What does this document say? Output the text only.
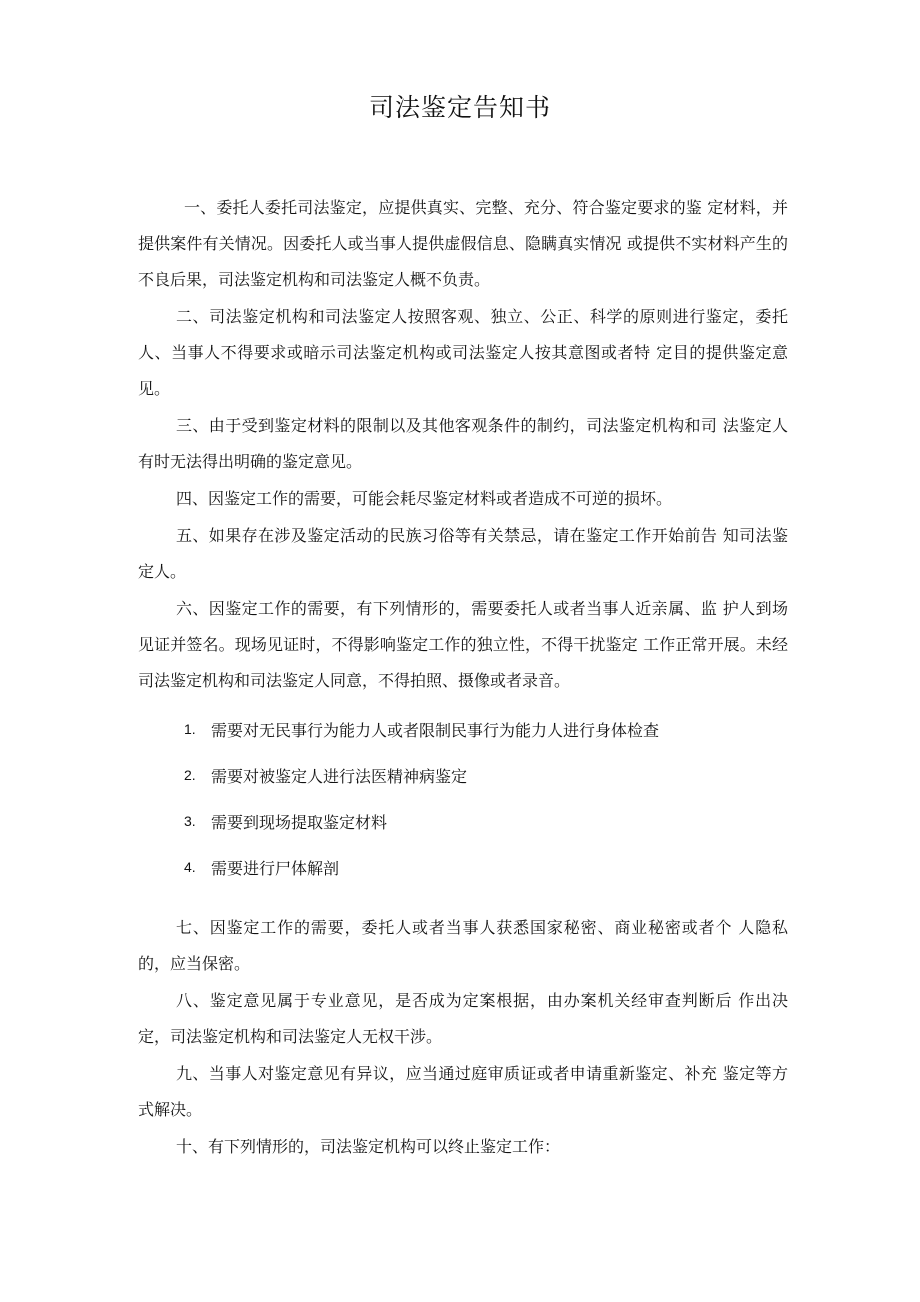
司法鉴定告知书

一、委托人委托司法鉴定，应提供真实、完整、充分、符合鉴定要求的鉴 定材料，并提供案件有关情况。因委托人或当事人提供虚假信息、隐瞒真实情况 或提供不实材料产生的不良后果，司法鉴定机构和司法鉴定人概不负责。

二、司法鉴定机构和司法鉴定人按照客观、独立、公正、科学的原则进行鉴定，委托人、当事人不得要求或暗示司法鉴定机构或司法鉴定人按其意图或者特 定目的提供鉴定意见。

三、由于受到鉴定材料的限制以及其他客观条件的制约，司法鉴定机构和司 法鉴定人有时无法得出明确的鉴定意见。

四、因鉴定工作的需要，可能会耗尽鉴定材料或者造成不可逆的损坏。

五、如果存在涉及鉴定活动的民族习俗等有关禁忌，请在鉴定工作开始前告 知司法鉴定人。

六、因鉴定工作的需要，有下列情形的，需要委托人或者当事人近亲属、监 护人到场见证并签名。现场见证时，不得影响鉴定工作的独立性，不得干扰鉴定 工作正常开展。未经司法鉴定机构和司法鉴定人同意，不得拍照、摄像或者录音。

1. 需要对无民事行为能力人或者限制民事行为能力人进行身体检查
2. 需要对被鉴定人进行法医精神病鉴定
3. 需要到现场提取鉴定材料
4. 需要进行尸体解剖

七、因鉴定工作的需要，委托人或者当事人获悉国家秘密、商业秘密或者个 人隐私的，应当保密。

八、鉴定意见属于专业意见，是否成为定案根据，由办案机关经审查判断后 作出决定，司法鉴定机构和司法鉴定人无权干涉。

九、当事人对鉴定意见有异议，应当通过庭审质证或者申请重新鉴定、补充 鉴定等方式解决。

十、有下列情形的，司法鉴定机构可以终止鉴定工作：
